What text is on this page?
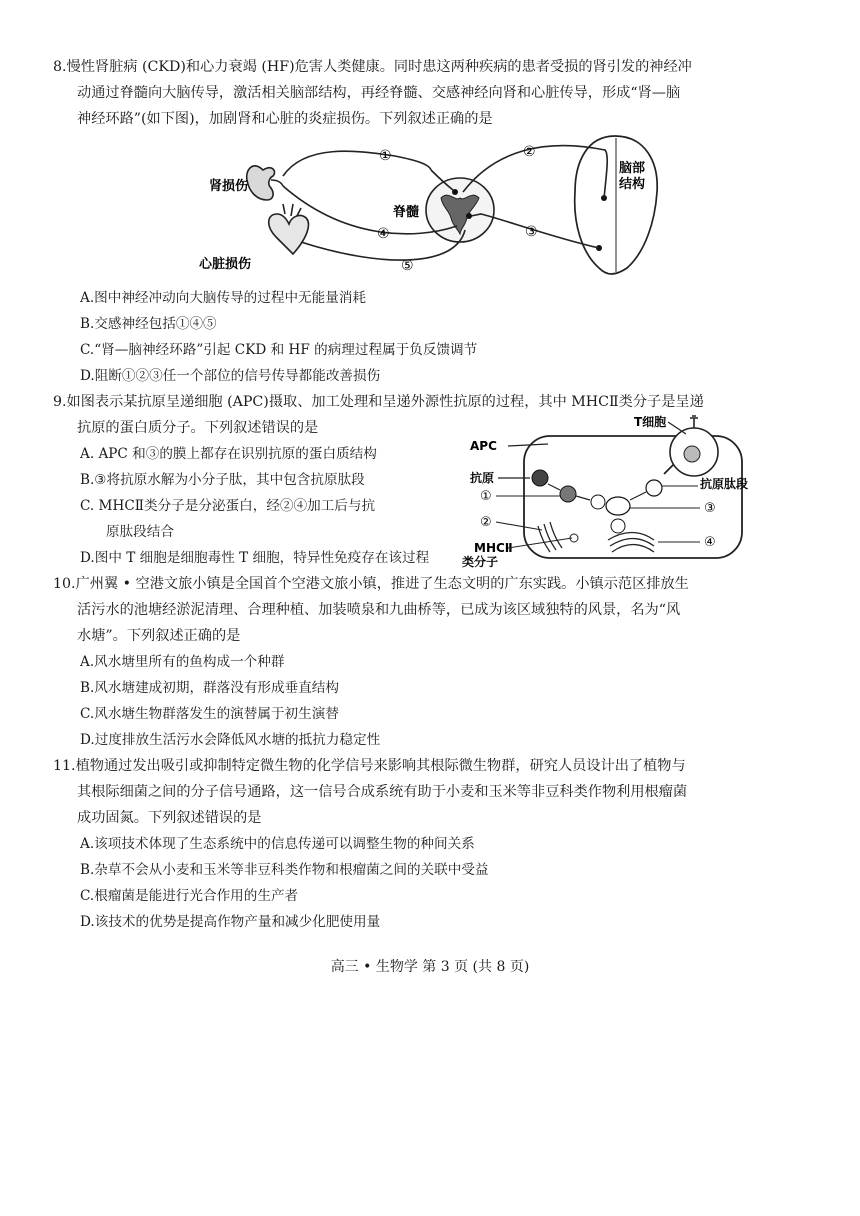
8.慢性肾脏病 (CKD)和心力衰竭 (HF)危害人类健康。同时患这两种疾病的患者受损的肾引发的神经冲
动通过脊髓向大脑传导，激活相关脑部结构，再经脊髓、交感神经向肾和心脏传导，形成“肾—脑
神经环路”(如下图)，加剧肾和心脏的炎症损伤。下列叙述正确的是
肾损伤
心脏损伤
脊髓
脑部
结构
①	②
③
④
⑤
A.图中神经冲动向大脑传导的过程中无能量消耗
B.交感神经包括①④⑤
C.“肾—脑神经环路”引起 CKD 和 HF 的病理过程属于负反馈调节
D.阻断①②③任一个部位的信号传导都能改善损伤
9.如图表示某抗原呈递细胞 (APC)摄取、加工处理和呈递外源性抗原的过程，其中 MHCⅡ类分子是呈递
抗原的蛋白质分子。下列叙述错误的是
A. APC 和③的膜上都存在识别抗原的蛋白质结构
B.③将抗原水解为小分子肽，其中包含抗原肽段
C. MHCⅡ类分子是分泌蛋白，经②④加工后与抗
原肽段结合
D.图中 T 细胞是细胞毒性 T 细胞，特异性免疫存在该过程
APC
T细胞
抗原
①
②
③
④
抗原肽段
MHCⅡ
类分子
10.广州翼 • 空港文旅小镇是全国首个空港文旅小镇，推进了生态文明的广东实践。小镇示范区排放生
活污水的池塘经淤泥清理、合理种植、加装喷泉和九曲桥等，已成为该区域独特的风景，名为“风
水塘”。下列叙述正确的是
A.风水塘里所有的鱼构成一个种群
B.风水塘建成初期，群落没有形成垂直结构
C.风水塘生物群落发生的演替属于初生演替
D.过度排放生活污水会降低风水塘的抵抗力稳定性
11.植物通过发出吸引或抑制特定微生物的化学信号来影响其根际微生物群，研究人员设计出了植物与
其根际细菌之间的分子信号通路，这一信号合成系统有助于小麦和玉米等非豆科类作物利用根瘤菌
成功固氮。下列叙述错误的是
A.该项技术体现了生态系统中的信息传递可以调整生物的种间关系
B.杂草不会从小麦和玉米等非豆科类作物和根瘤菌之间的关联中受益
C.根瘤菌是能进行光合作用的生产者
D.该技术的优势是提高作物产量和减少化肥使用量
高三 • 生物学 第 3 页 (共 8 页)
